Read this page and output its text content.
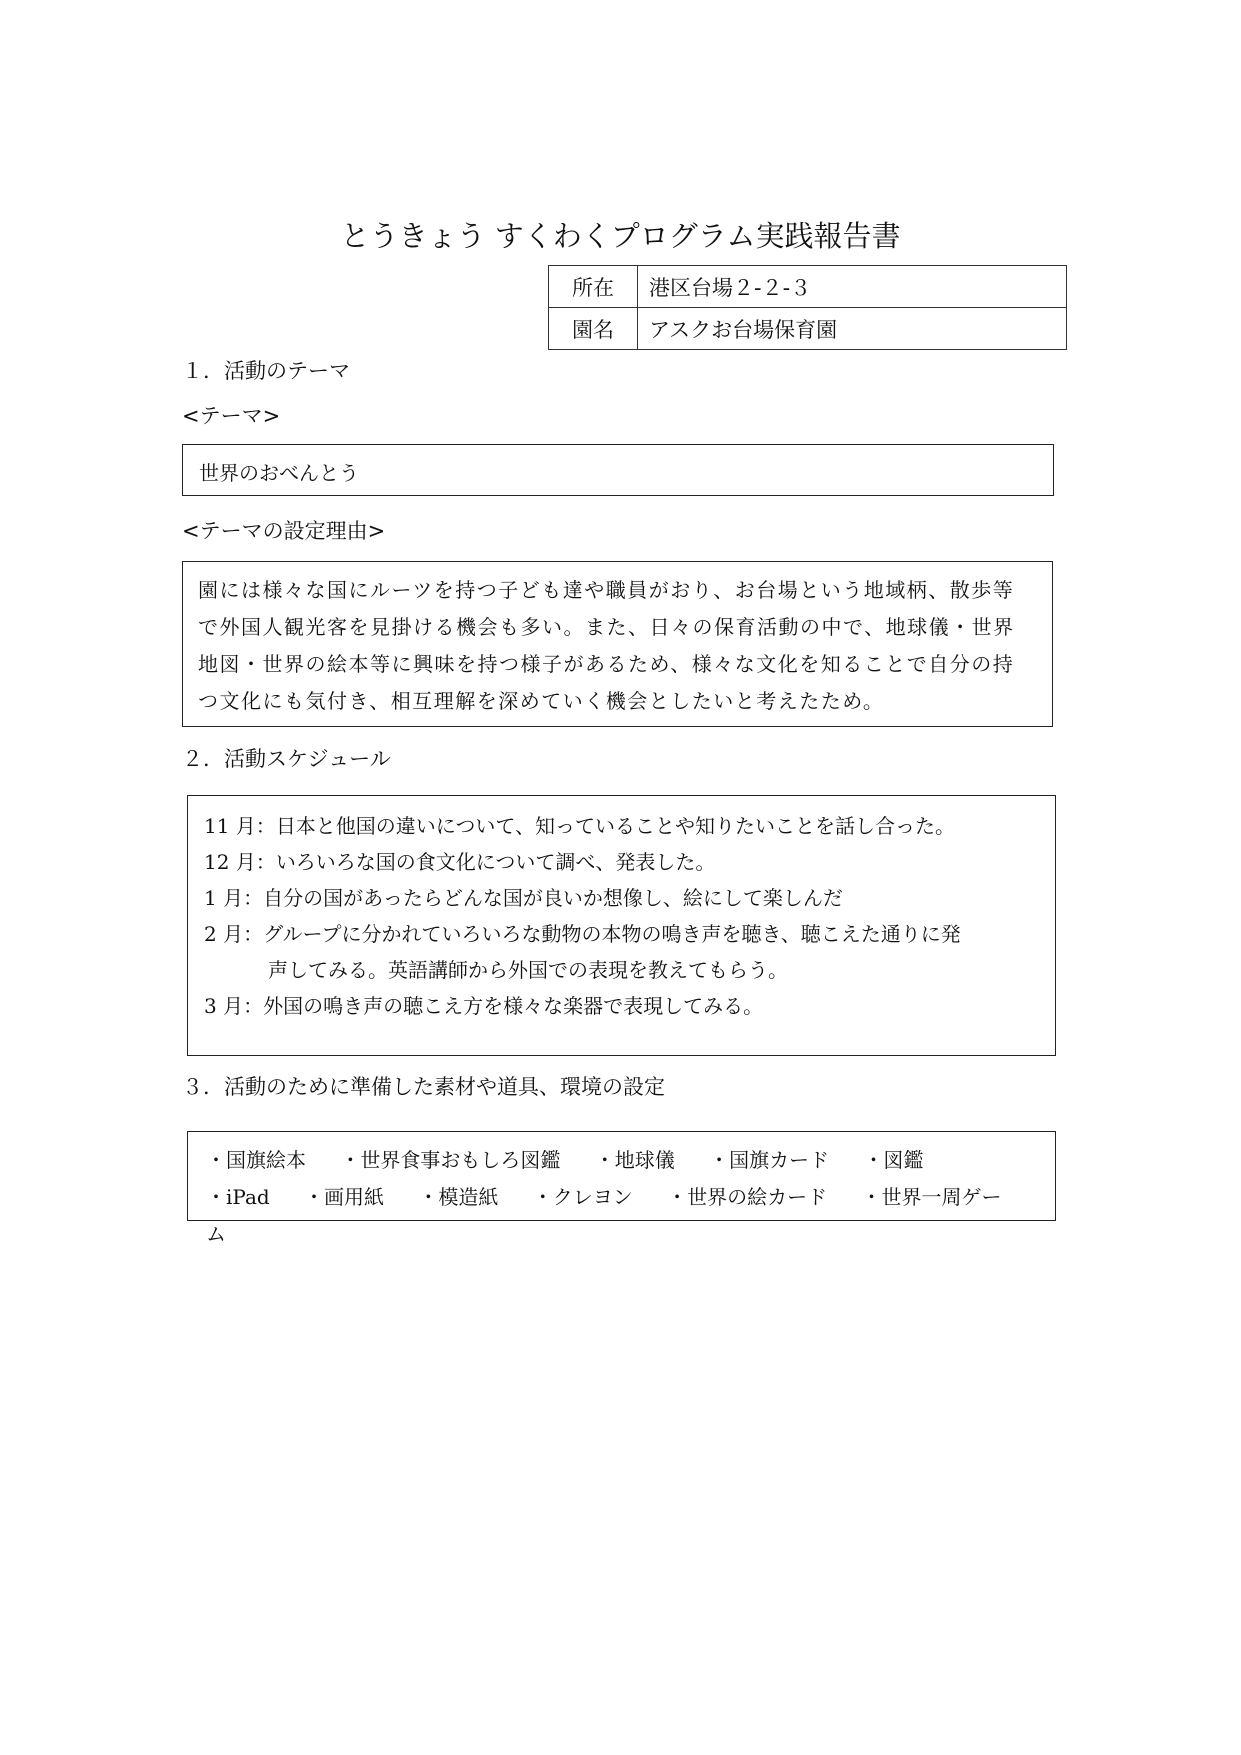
とうきょう すくわくプログラム実践報告書
所在	港区台場２-２-３
園名	アスクお台場保育園
１．活動のテーマ
<テーマ>
世界のおべんとう
<テーマの設定理由>
園には様々な国にルーツを持つ子ども達や職員がおり、お台場という地域柄、散歩等
で外国人観光客を見掛ける機会も多い。また、日々の保育活動の中で、地球儀・世界
地図・世界の絵本等に興味を持つ様子があるため、様々な文化を知ることで自分の持
つ文化にも気付き、相互理解を深めていく機会としたいと考えたため。
２．活動スケジュール
11 月： 日本と他国の違いについて、知っていることや知りたいことを話し合った。
12 月： いろいろな国の食文化について調べ、発表した。
1 月： 自分の国があったらどんな国が良いか想像し、絵にして楽しんだ
2 月： グループに分かれていろいろな動物の本物の鳴き声を聴き、聴こえた通りに発
声してみる。英語講師から外国での表現を教えてもらう。
3 月： 外国の鳴き声の聴こえ方を様々な楽器で表現してみる。
３．活動のために準備した素材や道具、環境の設定
・国旗絵本 ・世界食事おもしろ図鑑 ・地球儀 ・国旗カード ・図鑑
・iPad ・画用紙 ・模造紙 ・クレヨン ・世界の絵カード ・世界一周ゲーム
